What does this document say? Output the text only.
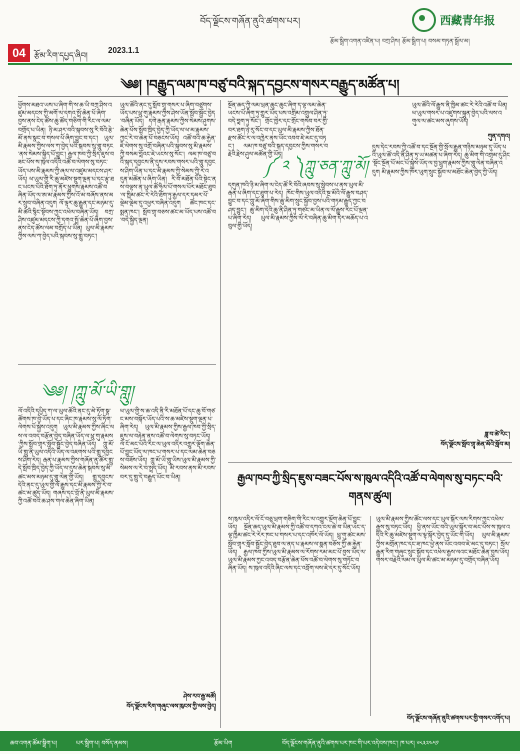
བོད་ལྗོངས་གཞོན་ནུའི་ཚགས་པར།	西藏青年报
རྩོམ་སྒྲིག་འགན་འཛིན་པ། བཀྲ་ཤིས། རྩོམ་སྒྲིག་པ། བསམ་གཏན་སྒྲོལ་མ།
04	རྩོམ་རིག་དཔྱད་ཞིབ།
2023.1.1
༄༅། །བརྒྱུད་ལམ་ཁ་བཙུ་བའི་སྐད་དབྱངས་གསར་བརྒྱུད་མཚོན་པ།
ཕྱོགས་མཐའ་ཡས་པ་ཞིག་གི་ས་ཆ་ཡི་བཀྲ་ཤིས་འཛུམ་མདངས་ཀྱི་མགོ་ལ་དགའ་སྤྲོ་ཆེན་པོ་ཞིག་བྱས་ནས་ངེད་ཚོས་ཆུ་ཚོད་གཅིག་གི་རིང་ལ་ལམ་བགྲོད་པ་ཡིན། ཉི་མ་ཤར་བའི་སྐབས་སུ་རི་བོའི་རྩེ་མོ་ནས་སྣང་བ་གསལ་པོ་ཞིག་བྱུང་བ་དང་། ཡུལ་མི་རྣམས་ཀྱིས་ལས་ཀ་བྱེད་པའི་སྐབས་སུ་གླུ་བཏང་ནས་སེམས་སྐྱིད་པོ་བྱུང་། རྒྱལ་ཁབ་ཀྱི་སྲིད་ཇུས་བཟང་པོས་ས་ཁུལ་འདིའི་འཚོ་བ་ལེགས་སུ་བཏང་ཡོད་པས་མི་རྣམས་ཀྱི་ཞལ་ལ་འཛུམ་མདངས་ཤར་ཡོད། ཕ་ཡུལ་གྱི་རི་ཆུ་མཛེས་སྡུག་ལྡན་པ་དང་རྩྭ་ཐང་ཡངས་པོའི་ཐོག་ཏུ་ནོར་ཕྱུགས་རྣམས་འཚོ་བཞིན་ཡོད་ལ་ཨ་མ་རྣམས་ཀྱིས་འོ་མ་བཞོས་ནས་མར་སྲུབ་བཞིན་འདུག ལོ་ལྟར་ཆུ་རྒྱུན་དང་མཉམ་དུ་མི་ཚེའི་སྙིང་སྟོབས་ཀྱང་འཕེལ་བཞིན་ཡོད། བཀྲ་ཤིས་འཛུམ་མདངས་ཀྱི་དགའ་སྤྲོ་ཆེན་པོ་ཞིག་བྱས་ནས་ངེད་ཚོས་ལམ་བགྲོད་པ་ཡིན། ཡུལ་མི་རྣམས་ཀྱིས་ལས་ཀ་བྱེད་པའི་སྐབས་སུ་གླུ་བཏང་།
ཡུལ་ཚོའི་ནང་དུ་སློབ་གྲྭ་གསར་པ་ཞིག་བཙུགས་ཡོད་པས་ཕྲུ་གུ་རྣམས་ཀྱིས་ཤེས་ཡོན་སློབ་སྦྱོང་བྱེད་བཞིན་ཡོད། དགེ་རྒན་རྣམས་ཀྱིས་སེམས་ཤུགས་ཆེན་པོས་སློབ་ཁྲིད་བྱེད་ཀྱི་ཡོད་ལ་ཕ་མ་རྣམས་ཀྱང་རེ་བ་ཆེན་པོ་བཅངས་ཡོད། འཚོ་བའི་ཆ་རྐྱེན་ཇེ་ལེགས་སུ་འགྲོ་བཞིན་པའི་སྐབས་སུ་མི་རྣམས་ཀྱི་བསམ་བློའང་ཇེ་ཡངས་སུ་སོང་། ལམ་ཁ་བཙུ་བའི་སྐད་དབྱངས་ནི་དུས་རབས་གསར་པའི་གླུ་དབྱངས་ཤིག་ཡིན་པ་དང་མི་རྣམས་ཀྱི་སེམས་ཀྱི་རེ་འདུན་མཚོན་པ་ཞིག་ཡིན། རི་བོ་མཐོན་པོའི་སྟེང་ནས་བལྟས་ན་ཡུལ་ཚོ་ཧྲིལ་པོ་གསལ་པོར་མཐོང་ཐུབ་ལ་ཁྱིམ་ཚང་རེ་རེའི་ཐོག་ཏུ་རྒྱལ་དར་དམར་པོ་ལྡེམ་ལྡེམ་དུ་འཕྱར་བཞིན་འདུག ཚོང་ཁང་དང་སྨན་ཁང་། སློབ་གྲྭ་བཅས་ཚང་མ་ཡོད་པས་འཚོ་བ་བདེ་སྐྱིད་ལྡན།
སྔོན་ཆད་ཀྱི་ལམ་ཕྲན་ཆུང་ཆུང་ཞིག་ད་ལྟ་ལམ་ཆེན་ཡངས་པོ་ཞིག་ཏུ་གྱུར་ཡོད་པས་འགྲིམ་འགྲུལ་ཤིན་ཏུ་བདེ་བླག་ཏུ་སོང་། གྲོང་ཁྱེར་དང་གྲོང་གསེབ་བར་གྱི་བར་ཐག་ཉེ་རུ་སོང་བ་དང་ཡུལ་མི་རྣམས་ཀྱིས་ཐོན་རྫས་ཚོང་ར་ལ་འཁྱེར་ནས་ཡོང་འབབ་ཇེ་མང་དུ་བཏང་། ལམ་ཁ་བཙུ་བའི་སྐད་དབྱངས་ཀྱིས་གསར་བརྗེའི་རྗེས་ཤུལ་མཚོན་གྱི་ཡོད།
ཡུལ་ཚོའི་ལོ་རྒྱུས་ནི་ཁྱིམ་ཚང་རེ་རེའི་འཚོ་བ་ཡིན། ཕ་ཡུལ་གསར་པ་འཛུགས་སྐྲུན་བྱེད་པའི་ལས་འགུལ་ལ་ཚང་མས་ཞུགས་ཡོད།
ཀུན་དགའ།
༼ ༢ ༽ཀླུ་ཅན་ཀླུ་མོ།
དགུན་ཁའི་ཉི་མ་ཞིག་ལ་ངེད་ཚོ་རི་བོའི་ཞབས་སུ་སླེབས་པ་ནས་ཡུལ་མི་རྒན་པ་ཞིག་དང་ཐུག་པ་རེད། ཁོང་གིས་ཡུལ་འདིའི་སྔ་མོའི་ལོ་རྒྱུས་བཤད་བྱུང་བ་དང་ཀླུ་མོ་ཞིག་གིས་ཆུ་མིག་སྲུང་སྐྱོབ་བྱས་པའི་གཏམ་རྒྱུད་ཀྱང་བཤད་བྱུང་། ཆུ་མིག་དེའི་ཆུ་ནི་ཤིན་ཏུ་གཙང་མ་ཡིན་ལ་ལོ་རྒྱུས་རིང་པོ་ལྡན་པ་ཞིག་རེད། ཡུལ་མི་རྣམས་ཀྱིས་ལོ་རེ་བཞིན་ཆུ་མིག་དེར་མཆོད་པ་འབུལ་གྱི་ཡོད།
དུས་དེང་རབས་ཀྱི་འཚོ་བ་དང་སྔོན་གྱི་སྲོལ་རྒྱུན་གཉིས་མཉམ་དུ་ཡོད་པའི་ཡུལ་ཚོ་འདི་ནི་ཤིན་ཏུ་ཡ་མཚན་པ་ཞིག་རེད། ཆུ་མིག་གི་འགྲམ་དུ་ཤིང་སྡོང་སྔོན་པོ་མང་པོ་སྐྱེས་ཡོད་ལ་བྱ་ཕྲུག་རྣམས་ཀྱིས་གླུ་ལེན་བཞིན་འདུག མི་རྣམས་ཀྱིས་ཁོར་ཡུག་སྲུང་སྐྱོབ་ལ་མཐོང་ཆེན་བྱེད་ཀྱི་ཡོད།
ཟླ་བ་ཚེ་རིང་།
བོད་ལྗོངས་སློབ་གྲྭ་ཆེན་མོའི་སློབ་མ།
༄༅། །ཀླུ་མོ་ཡི་གླུ།
ལོ་འདིའི་དཔྱིད་ཀ་ལ་ཡུལ་ཚོའི་ནང་དུ་མེ་ཏོག་སྣ་ཚོགས་ཁ་བྱེ་ཡོད་པ་དང་ཞིང་ཁ་རྣམས་སུ་ལོ་ཏོག་ལེགས་པོ་སྐྱེས་འདུག ཡུལ་མི་རྣམས་ཀྱིས་ཞིང་ལས་ལ་འབད་བརྩོན་བྱེད་བཞིན་ཡོད་ལ་ཕྲུ་གུ་རྣམས་ཀྱིས་སློབ་གྲྭར་སློབ་སྦྱོང་བྱེད་བཞིན་ཡོད། ཀླུ་མོ་ཡི་གླུ་ནི་ཡུལ་འདིའི་ཡིད་ལ་འཇགས་པའི་གླུ་དབྱངས་ཤིག་རེད། རྒན་པ་རྣམས་ཀྱིས་གཞོན་ནུ་ཚོར་གླུ་དེ་སློབ་ཁྲིད་བྱེད་ཀྱི་ཡོད་ལ་དུས་ཆེན་སྐབས་སུ་མི་ཚང་མས་མཉམ་དུ་གླུ་ལེན་གྱི་ཡོད། གླུ་དབྱངས་དེའི་ནང་དུ་ཡུལ་གྱི་ལོ་རྒྱུས་དང་མི་རྣམས་ཀྱི་རེ་བ་ཚང་མ་ཚུད་ཡོད། གཞས་དང་བྲོ་ནི་ཡུལ་མི་རྣམས་ཀྱི་འཚོ་བའི་ཆ་ཤས་གལ་ཆེན་ཞིག་ཡིན།
ཕ་ཡུལ་གྱི་ས་ཆ་འདི་ནི་རི་མཐོན་པོ་དང་ཆུ་བོ་གཙང་མས་བསྐོར་ཡོད་པའི་ས་ཆ་མཛེས་སྡུག་ལྡན་པ་ཞིག་རེད། ཡུལ་མི་རྣམས་ཀྱིས་རྒྱལ་ཁབ་ཀྱི་སྲིད་ཇུས་ལ་བརྟེན་ནས་འཚོ་བ་ལེགས་སུ་བཏང་ཡོད། ལོ་ངོ་མང་པོའི་རིང་ལ་ཡུལ་འདིར་འགྱུར་ལྡོག་ཆེན་པོ་བྱུང་ཡོད་ལ་ཁང་པ་གསར་པ་དང་ལམ་ཆེན་བཅས་བཟོས་ཡོད། ཀླུ་མོ་ཡི་གླུ་ཡིས་ཡུལ་མི་རྣམས་ཀྱི་སེམས་ལ་རེ་བ་སྤྲད་ཡོད། མི་རབས་ནས་མི་རབས་བར་དུ་གླུ་དེ་བརྒྱུད་ཡོང་བ་ཡིན།
ཤེས་རབ་རྒྱ་མཚོ།
བོད་ལྗོངས་རིག་གཞུང་ལས་ཁུངས་ཀྱི་ལས་བྱེད།
རྒྱལ་ཁབ་ཀྱི་སྲིད་ཇུས་བཟང་པོས་ས་ཁུལ་འདིའི་འཚོ་བ་ལེགས་སུ་བཏང་བའི་གནས་ཚུལ།
ས་ཁུལ་འདིར་ལོ་ངོ་བཅུ་ཕྲག་གཅིག་གི་རིང་ལ་འགྱུར་ལྡོག་ཆེན་པོ་བྱུང་ཡོད། སྔོན་ཆད་ཡུལ་མི་རྣམས་ཀྱི་འཚོ་བ་དཀའ་ངལ་ཆེ་བ་ཡིན་ཡང་ད་ལྟ་ཁྱིམ་ཚང་རེ་རེར་ཁང་པ་གསར་པ་དང་འཁོར་ལོ་ཡོད། ཕྲུ་གུ་ཚང་མས་སློབ་གྲྭར་སློབ་སྦྱོང་བྱེད་ཐུབ་ལ་ནད་པ་རྣམས་ལ་སྨན་བཅོས་ཀྱི་ཆ་རྐྱེན་ཡོད། རྒྱལ་ཁབ་ཀྱིས་ཡུལ་མི་རྣམས་ལ་རོགས་རམ་མང་པོ་བྱས་ཡོད་ལ་ཡུལ་མི་རྣམས་ཀྱང་འབད་བརྩོན་ཆེན་པོས་འཚོ་བ་ལེགས་སུ་གཏོང་བཞིན་ཡོད། ས་ཁུལ་འདིའི་ཞིང་ལས་དང་འབྲོག་ལས་ཇེ་དར་དུ་སོང་ཡོད།
ཡུལ་མི་རྣམས་ཀྱིས་ཚོང་ལས་དང་ཡུལ་སྐོར་ལས་རིགས་ཀྱང་འཕེལ་རྒྱས་སུ་བཏང་ཡོད། ཕྱི་ནས་ཡོང་བའི་ཡུལ་སྐོར་བ་མང་པོས་ས་ཁུལ་འདིའི་རི་ཆུ་མཛེས་སྡུག་ལ་ལྟ་སྐོར་བྱེད་དུ་ཡོང་གི་ཡོད། ཡུལ་མི་རྣམས་ཀྱིས་མགྲོན་ཁང་དང་ཟ་ཁང་ཕྱེ་ནས་ཡོང་འབབ་ཇེ་མང་དུ་བཏང་། སྲོལ་རྒྱུན་རིག་གཞུང་སྲུང་སྐྱོབ་དང་འཕེལ་རྒྱས་ལའང་མཐོང་ཆེན་བྱས་ཡོད། གསར་བརྗེའི་ལམ་ལ་ཡུལ་མི་ཚང་མ་མཉམ་དུ་བགྲོད་བཞིན་ཡོད།
བོད་ལྗོངས་གཞོན་ནུའི་ཚགས་པར་གྱི་གསར་འགོད་པ།
ཆབ་འགན་ཚོམ་སྒྲིག་པ།	པར་སྒྲིག་པ། བསོད་ནམས།	རྩོམ་ཡིག	བོད་ལྗོངས་གཞོན་ནུའི་ཚགས་པར་ཁང་གི་པར་འདེབས་ཁང་། ཁ་པར། ༦༨༣༢༤༥༡
